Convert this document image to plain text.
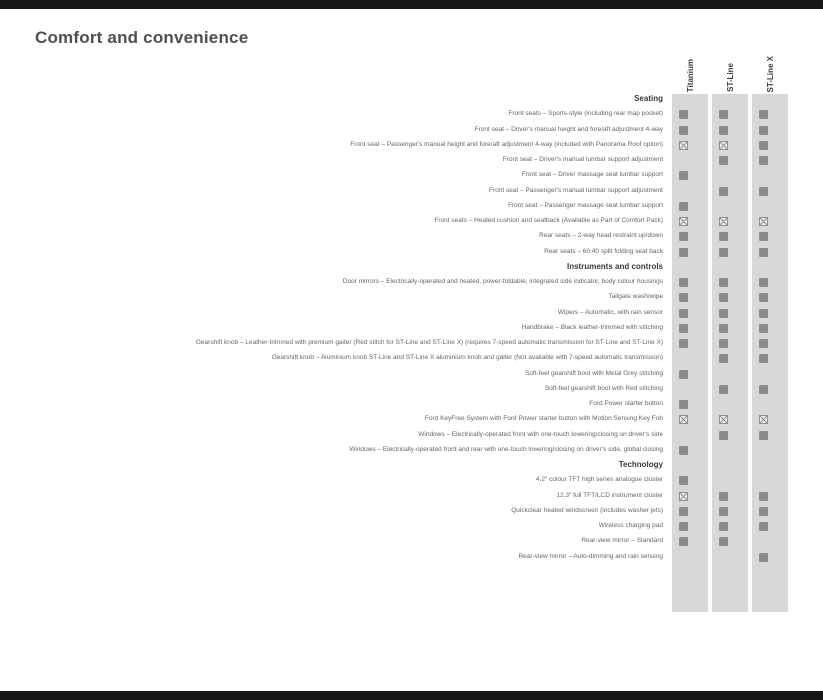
Comfort and convenience
Titanium	ST-Line	ST-Line X
Seating
Front seats – Sports-style (including rear map pocket)
Front seat – Driver's manual height and fore/aft adjustment 4-way
Front seat – Passenger's manual height and fore/aft adjustment 4-way (included with Panorama Roof option)
Front seat – Driver's manual lumbar support adjustment
Front seat – Driver massage seat lumbar support
Front seat – Passenger's manual lumbar support adjustment
Front seat – Passenger massage seat lumbar support
Front seats – Heated cushion and seatback (Available as Part of Comfort Pack)
Rear seats – 2-way head restraint up/down
Rear seats – 60:40 split folding seat back
Instruments and controls
Door mirrors – Electrically-operated and heated, power-foldable, integrated side indicator, body colour housings
Tailgate wash/wipe
Wipers – Automatic, with rain sensor
Handbrake – Black leather-trimmed with stitching
Gearshift knob – Leather-trimmed with premium gaiter (Red stitch for ST-Line and ST-Line X) (requires 7-speed automatic transmission for ST-Line and ST-Line X)
Gearshift knob – Aluminium knob ST-Line and ST-Line X aluminium knob and gaiter (Not available with 7-speed automatic transmission)
Soft-feel gearshift boot with Metal Grey stitching
Soft-feel gearshift boot with Red stitching
Ford Power starter button
Ford KeyFree System with Ford Power starter button with Motion Sensing Key Fob
Windows – Electrically-operated front with one-touch lowering/closing on driver's side
Windows – Electrically-operated front and rear with one-touch lowering/closing on driver's side, global closing
Technology
4.2" colour TFT high series analogue cluster
12.3" full TFT/LCD instrument cluster
Quickclear heated windscreen (includes washer jets)
Wireless charging pad
Rear-view mirror – Standard
Rear-view mirror – Auto-dimming and rain sensing
